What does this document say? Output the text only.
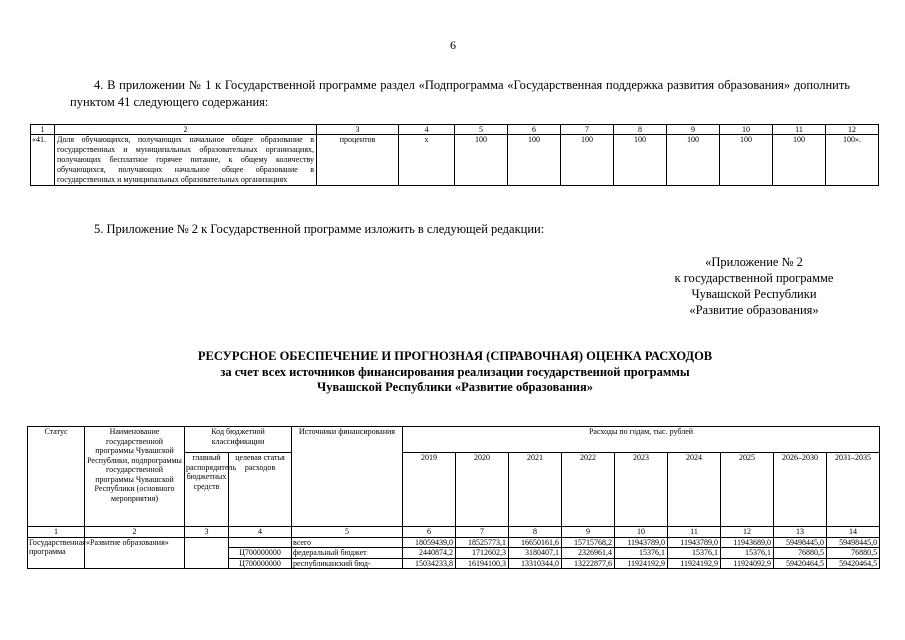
6
4. В приложении № 1 к Государственной программе раздел «Подпрограмма «Государственная поддержка развития образования» дополнить пунктом 41 следующего содержания:
1	2	3	4	5	6	7	8	9	10	11	12
«41.	Доля обучающихся, получающих начальное общее образование в государственных и муниципальных образовательных организациях, получающих бесплатное горячее питание, к общему количеству обучающихся, получающих начальное общее образование в государственных и муниципальных образовательных организациях	процентов	х	100	100	100	100	100	100	100	100».
5. Приложение № 2 к Государственной программе изложить в следующей редакции:
«Приложение № 2
к государственной программе
Чувашской Республики
«Развитие образования»
РЕСУРСНОЕ ОБЕСПЕЧЕНИЕ И ПРОГНОЗНАЯ (СПРАВОЧНАЯ) ОЦЕНКА РАСХОДОВ
за счет всех источников финансирования реализации государственной программы
Чувашской Республики «Развитие образования»
Статус	Наименование государственной программы Чувашской Республики, подпрограммы государственной программы Чувашской Республики (основного мероприятия)	Код бюджетной классификации		Источники финансирования	Расходы по годам, тыс. рублей								
		главный распорядитель бюджетных средств	целевая статья расходов		2019	2020	2021	2022	2023	2024	2025	2026–2030	2031–2035
1	2	3	4	5	6	7	8	9	10	11	12	13	14
Государственная программа	«Развитие образования»			всего	18059439,0	18525773,1	16650161,6	15715768,2	11943789,0	11943789,0	11943689,0	59498445,0	59498445,0
			Ц700000000	федеральный бюджет	2440874,2	1712602,3	3180407,1	2326961,4	15376,1	15376,1	15376,1	76880,5	76880,5
			Ц700000000	республиканский бюд-	15034233,8	16194100,3	13310344,0	13222877,6	11924192,9	11924192,9	11924092,9	59420464,5	59420464,5
